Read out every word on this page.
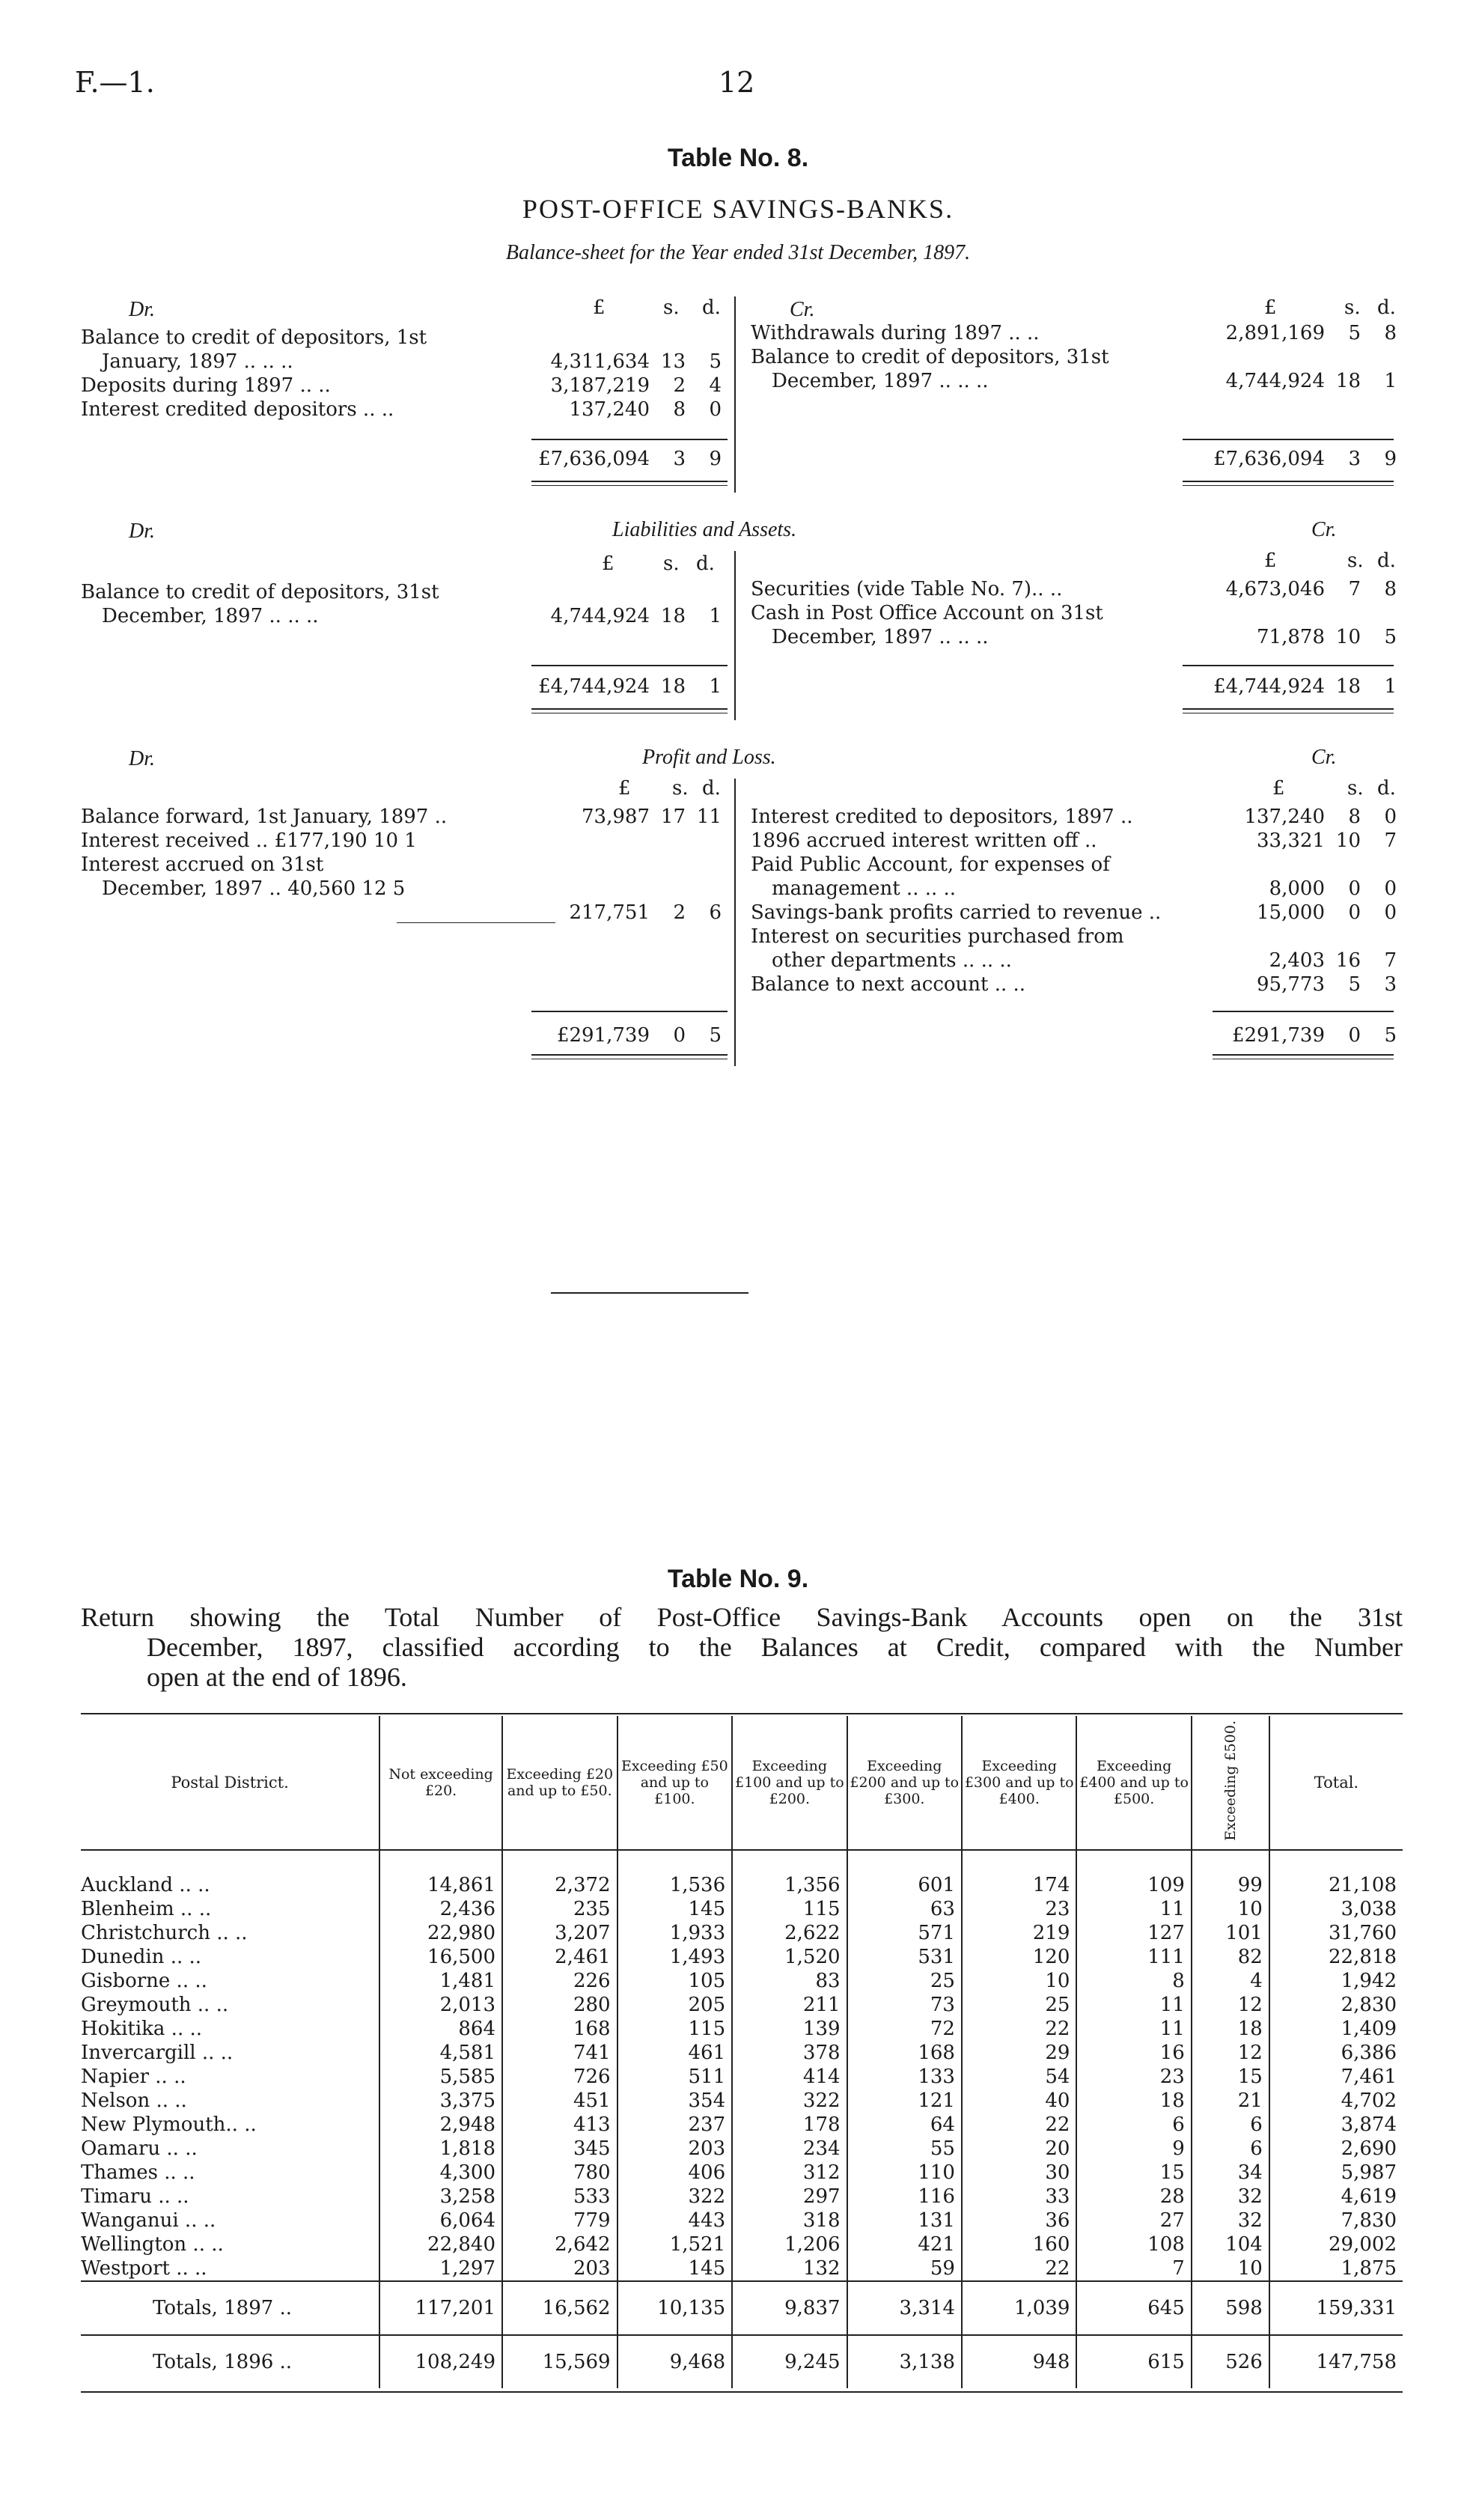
F.—1.	12
Table No. 8.
POST-OFFICE SAVINGS-BANKS.
Balance-sheet for the Year ended 31st December, 1897.
Dr.	Cr.
£	s. d.	£	s. d.
Balance to credit of depositors, 1st
January, 1897 .. .. ..	4,311,634 13	5
Deposits during 1897 .. ..	3,187,219	2	4
Interest credited depositors .. ..	137,240	8	0
Withdrawals during 1897 .. ..	2,891,169	5	8
Balance to credit of depositors, 31st
December, 1897 .. .. ..	4,744,924 18	1
£7,636,094	3	9	£7,636,094	3	9
Dr.	Liabilities and Assets.	Cr.
£	s. d.	£	s. d.
Balance to credit of depositors, 31st
December, 1897 .. .. ..	4,744,924 18	1
Securities (vide Table No. 7).. ..	4,673,046	7	8
Cash in Post Office Account on 31st
December, 1897 .. .. ..	71,878 10	5
£4,744,924 18	1	£4,744,924 18	1
Dr.	Profit and Loss.	Cr.
£ s. d.	£	s. d.
Balance forward, 1st January, 1897 ..	73,987 17 11
Interest received .. £177,190 10 1
Interest accrued on 31st
December, 1897 .. 40,560 12 5
217,751	2	6
Interest credited to depositors, 1897 ..	137,240	8	0
1896 accrued interest written off ..	33,321 10	7
Paid Public Account, for expenses of
management .. .. ..	8,000	0	0
Savings-bank profits carried to revenue ..	15,000	0	0
Interest on securities purchased from
other departments .. .. ..	2,403 16	7
Balance to next account .. ..	95,773	5	3
£291,739	0	5	£291,739	0	5
Table No. 9.
Return showing the Total Number of Post-Office Savings-Bank Accounts open on the 31st
December, 1897, classified according to the Balances at Credit, compared with the Number
open at the end of 1896.
Postal District.	Not exceeding £20.	Exceeding £20 and up to £50.	Exceeding £50 and up to £100.	Exceeding £100 and up to £200.	Exceeding £200 and up to £300.	Exceeding £300 and up to £400.	Exceeding £400 and up to £500.	Exceeding £500.	Total.
Auckland .. ..	14,861	2,372	1,536	1,356	601	174	109	99	21,108
Blenheim .. ..	2,436	235	145	115	63	23	11	10	3,038
Christchurch .. ..	22,980	3,207	1,933	2,622	571	219	127	101	31,760
Dunedin .. ..	16,500	2,461	1,493	1,520	531	120	111	82	22,818
Gisborne .. ..	1,481	226	105	83	25	10	8	4	1,942
Greymouth .. ..	2,013	280	205	211	73	25	11	12	2,830
Hokitika .. ..	864	168	115	139	72	22	11	18	1,409
Invercargill .. ..	4,581	741	461	378	168	29	16	12	6,386
Napier .. ..	5,585	726	511	414	133	54	23	15	7,461
Nelson .. ..	3,375	451	354	322	121	40	18	21	4,702
New Plymouth.. ..	2,948	413	237	178	64	22	6	6	3,874
Oamaru .. ..	1,818	345	203	234	55	20	9	6	2,690
Thames .. ..	4,300	780	406	312	110	30	15	34	5,987
Timaru .. ..	3,258	533	322	297	116	33	28	32	4,619
Wanganui .. ..	6,064	779	443	318	131	36	27	32	7,830
Wellington .. ..	22,840	2,642	1,521	1,206	421	160	108	104	29,002
Westport .. ..	1,297	203	145	132	59	22	7	10	1,875
Totals, 1897 ..	117,201	16,562	10,135	9,837	3,314	1,039	645	598	159,331
Totals, 1896 ..	108,249	15,569	9,468	9,245	3,138	948	615	526	147,758
